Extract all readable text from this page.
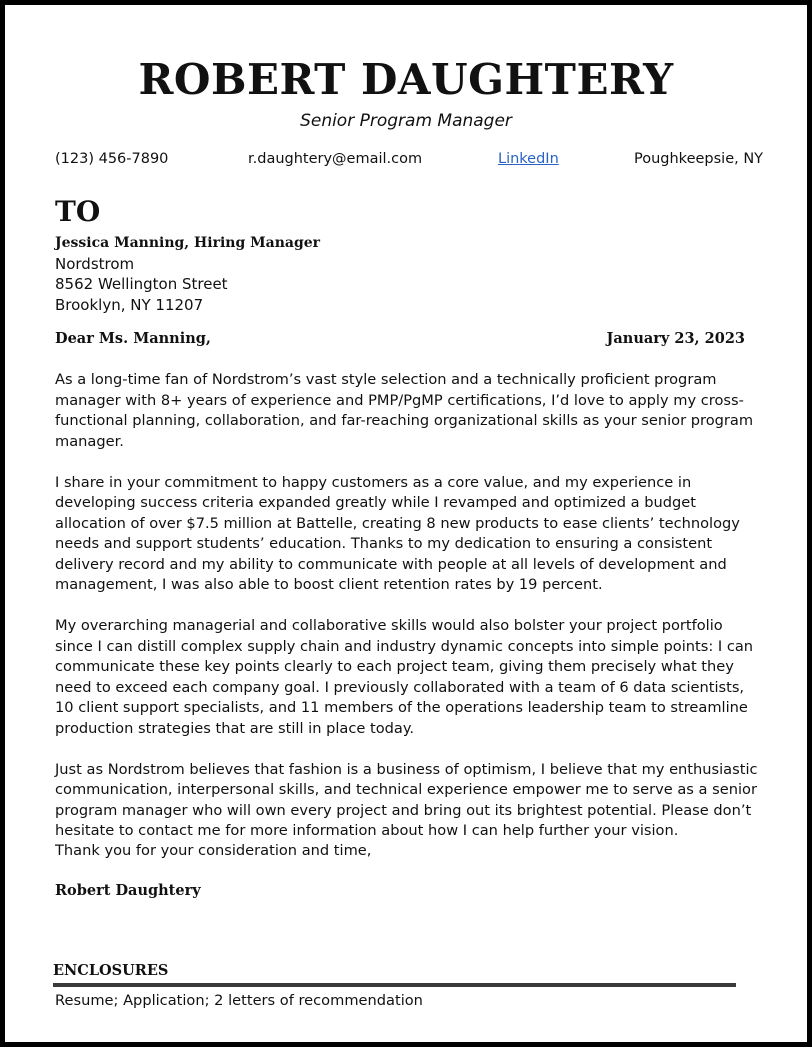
ROBERT DAUGHTERY
Senior Program Manager
(123) 456-7890	r.daughtery@email.com	LinkedIn	Poughkeepsie, NY
TO
Jessica Manning, Hiring Manager
Nordstrom
8562 Wellington Street
Brooklyn, NY 11207
Dear Ms. Manning,	January 23, 2023

As a long-time fan of Nordstrom’s vast style selection and a technically proficient program manager with 8+ years of experience and PMP/PgMP certifications, I’d love to apply my cross-functional planning, collaboration, and far-reaching organizational skills as your senior program manager.

I share in your commitment to happy customers as a core value, and my experience in developing success criteria expanded greatly while I revamped and optimized a budget allocation of over $7.5 million at Battelle, creating 8 new products to ease clients’ technology needs and support students’ education. Thanks to my dedication to ensuring a consistent delivery record and my ability to communicate with people at all levels of development and management, I was also able to boost client retention rates by 19 percent.

My overarching managerial and collaborative skills would also bolster your project portfolio since I can distill complex supply chain and industry dynamic concepts into simple points: I can communicate these key points clearly to each project team, giving them precisely what they need to exceed each company goal. I previously collaborated with a team of 6 data scientists, 10 client support specialists, and 11 members of the operations leadership team to streamline production strategies that are still in place today.

Just as Nordstrom believes that fashion is a business of optimism, I believe that my enthusiastic communication, interpersonal skills, and technical experience empower me to serve as a senior program manager who will own every project and bring out its brightest potential. Please don’t hesitate to contact me for more information about how I can help further your vision.

Thank you for your consideration and time,
Robert Daughtery
ENCLOSURES
Resume; Application; 2 letters of recommendation
